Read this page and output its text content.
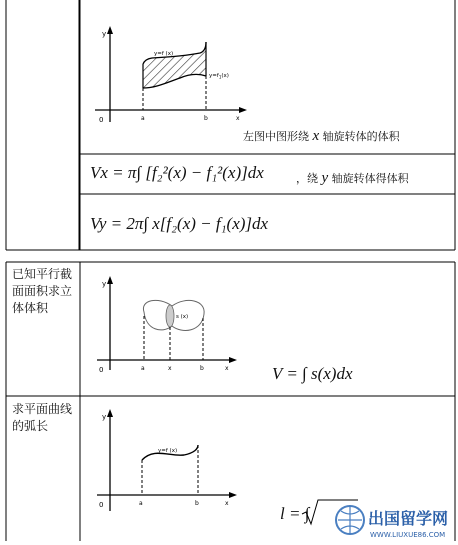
y
0	a	b	x
y=f (x)
$y=f_1(x)$
左图中图形绕 x 轴旋转体的体积
Vx = π∫ [f₂²(x) − f₁²(x)]dx	，绕 y 轴旋转体得体积
Vy = 2π∫ x[f₂(x) − f₁(x)]dx
已知平行截面面积求立体体积
y
0	a	x	b	x
s (x)
V = ∫ s(x)dx
求平面曲线的弧长
y
0	a	b	x
y=f (x)
l = ∫	出国留学网
WWW.LIUXUE86.COM
